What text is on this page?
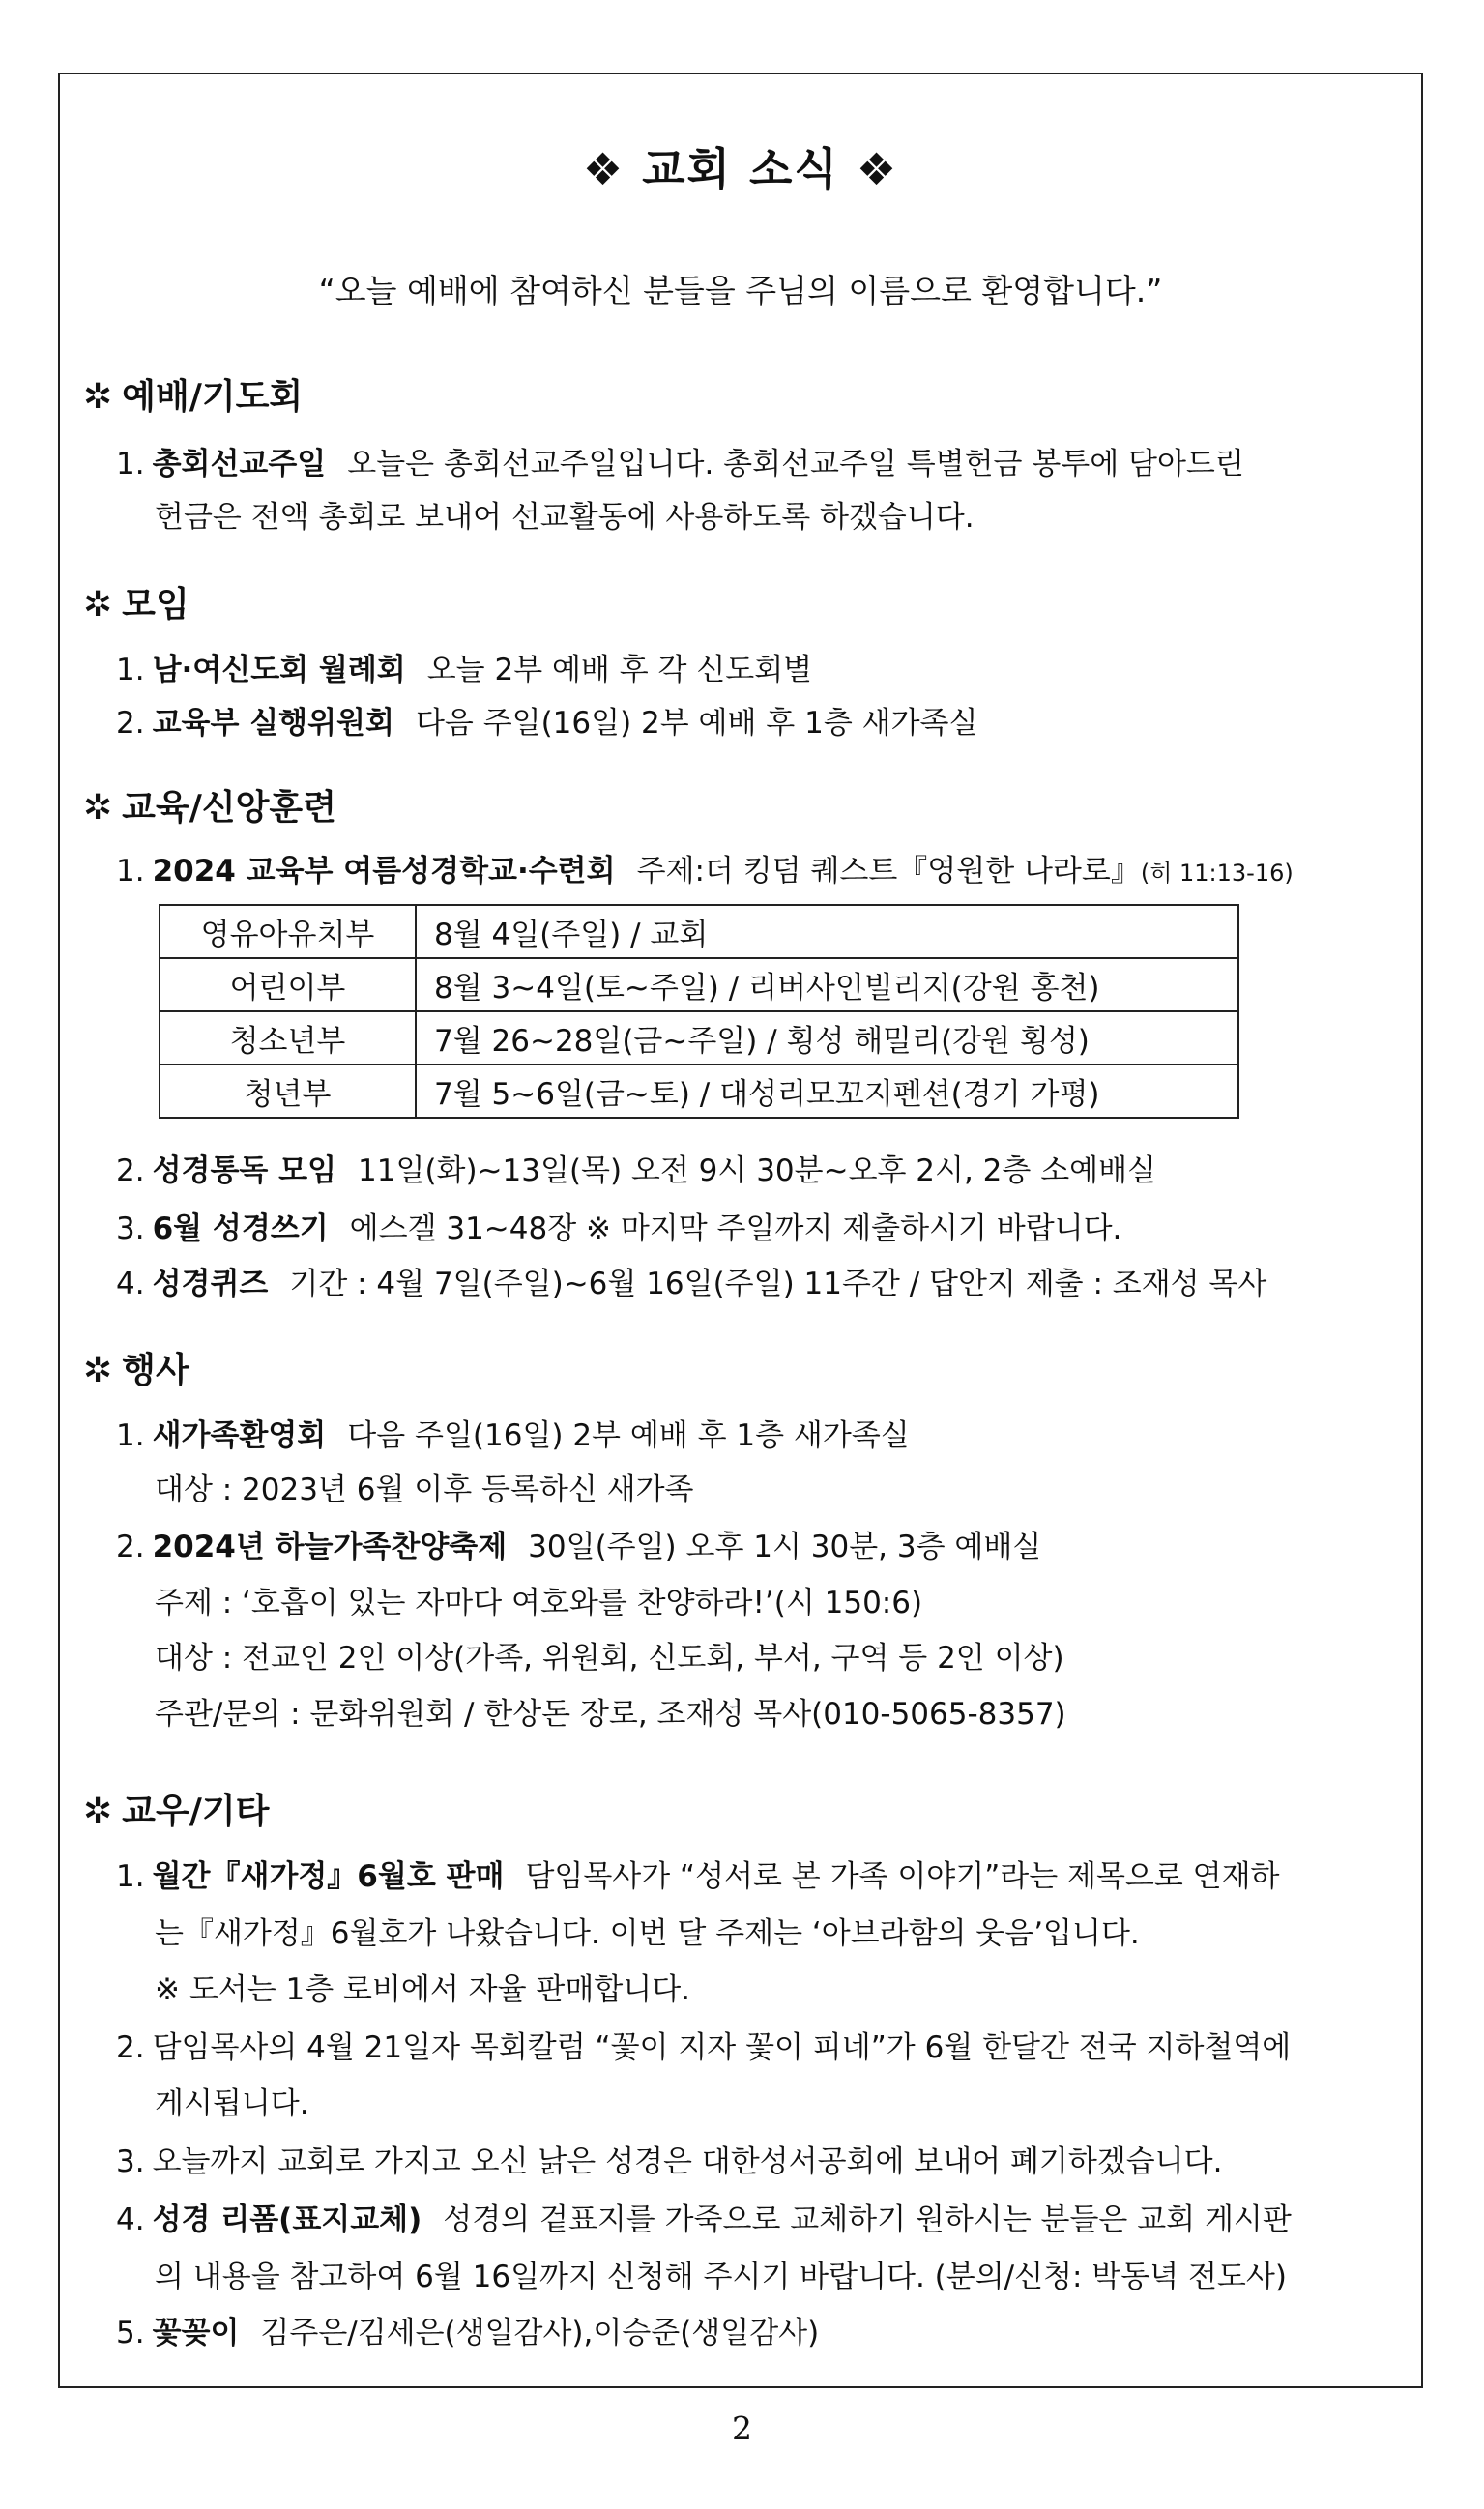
❖ 교회 소식 ❖
“오늘 예배에 참여하신 분들을 주님의 이름으로 환영합니다.”
✲ 예배/기도회
1. 총회선교주일 오늘은 총회선교주일입니다. 총회선교주일 특별헌금 봉투에 담아드린
헌금은 전액 총회로 보내어 선교활동에 사용하도록 하겠습니다.
✲ 모임
1. 남·여신도회 월례회 오늘 2부 예배 후 각 신도회별
2. 교육부 실행위원회 다음 주일(16일) 2부 예배 후 1층 새가족실
✲ 교육/신앙훈련
1. 2024 교육부 여름성경학교·수련회 주제:더 킹덤 퀘스트『영원한 나라로』(히 11:13-16)
영유아유치부	8월 4일(주일) / 교회
어린이부	8월 3~4일(토~주일) / 리버사인빌리지(강원 홍천)
청소년부	7월 26~28일(금~주일) / 횡성 해밀리(강원 횡성)
청년부	7월 5~6일(금~토) / 대성리모꼬지펜션(경기 가평)
2. 성경통독 모임 11일(화)~13일(목) 오전 9시 30분~오후 2시, 2층 소예배실
3. 6월 성경쓰기 에스겔 31~48장 ※ 마지막 주일까지 제출하시기 바랍니다.
4. 성경퀴즈 기간 : 4월 7일(주일)~6월 16일(주일) 11주간 / 답안지 제출 : 조재성 목사
✲ 행사
1. 새가족환영회 다음 주일(16일) 2부 예배 후 1층 새가족실
대상 : 2023년 6월 이후 등록하신 새가족
2. 2024년 하늘가족찬양축제 30일(주일) 오후 1시 30분, 3층 예배실
주제 : ‘호흡이 있는 자마다 여호와를 찬양하라!’(시 150:6)
대상 : 전교인 2인 이상(가족, 위원회, 신도회, 부서, 구역 등 2인 이상)
주관/문의 : 문화위원회 / 한상돈 장로, 조재성 목사(010-5065-8357)
✲ 교우/기타
1. 월간『새가정』6월호 판매 담임목사가 “성서로 본 가족 이야기”라는 제목으로 연재하
는『새가정』6월호가 나왔습니다. 이번 달 주제는 ‘아브라함의 웃음’입니다.
※ 도서는 1층 로비에서 자율 판매합니다.
2. 담임목사의 4월 21일자 목회칼럼 “꽃이 지자 꽃이 피네”가 6월 한달간 전국 지하철역에
게시됩니다.
3. 오늘까지 교회로 가지고 오신 낡은 성경은 대한성서공회에 보내어 폐기하겠습니다.
4. 성경 리폼(표지교체) 성경의 겉표지를 가죽으로 교체하기 원하시는 분들은 교회 게시판
의 내용을 참고하여 6월 16일까지 신청해 주시기 바랍니다. (분의/신청: 박동녁 전도사)
5. 꽃꽂이 김주은/김세은(생일감사),이승준(생일감사)
2
